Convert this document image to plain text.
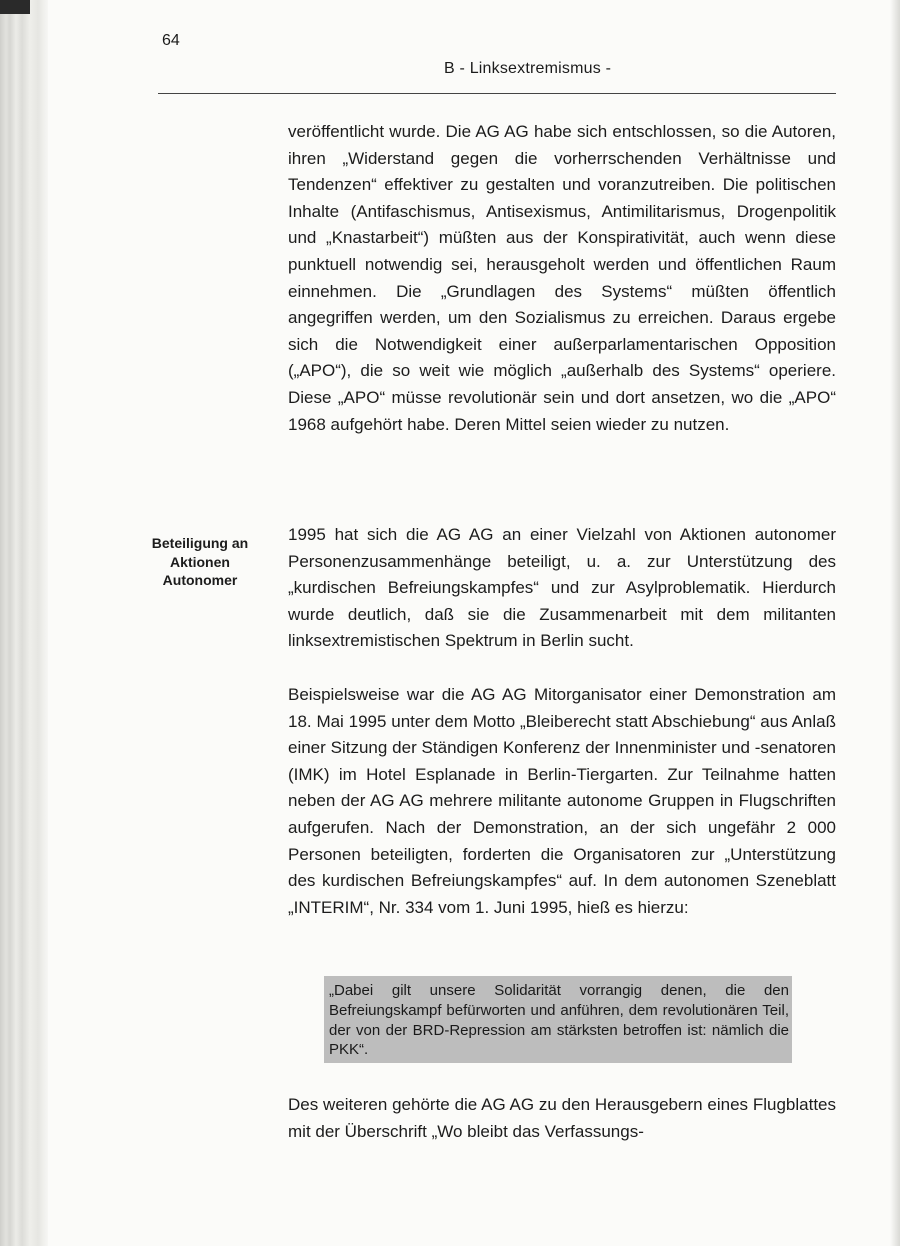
64
B - Linksextremismus -

veröffentlicht wurde. Die AG AG habe sich entschlossen, so die Autoren, ihren „Widerstand gegen die vorherrschenden Verhältnisse und Tendenzen“ effektiver zu gestalten und voranzutreiben. Die politischen Inhalte (Antifaschismus, Antisexismus, Antimilitarismus, Drogenpolitik und „Knastarbeit“) müßten aus der Konspirativität, auch wenn diese punktuell notwendig sei, herausgeholt werden und öffentlichen Raum einnehmen. Die „Grundlagen des Systems“ müßten öffentlich angegriffen werden, um den Sozialismus zu erreichen. Daraus ergebe sich die Notwendigkeit einer außerparlamentarischen Opposition („APO“), die so weit wie möglich „außerhalb des Systems“ operiere. Diese „APO“ müsse revolutionär sein und dort ansetzen, wo die „APO“ 1968 aufgehört habe. Deren Mittel seien wieder zu nutzen.

Beteiligung an Aktionen Autonomer

1995 hat sich die AG AG an einer Vielzahl von Aktionen autonomer Personenzusammenhänge beteiligt, u. a. zur Unterstützung des „kurdischen Befreiungskampfes“ und zur Asylproblematik. Hierdurch wurde deutlich, daß sie die Zusammenarbeit mit dem militanten linksextremistischen Spektrum in Berlin sucht.

Beispielsweise war die AG AG Mitorganisator einer Demonstration am 18. Mai 1995 unter dem Motto „Bleiberecht statt Abschiebung“ aus Anlaß einer Sitzung der Ständigen Konferenz der Innenminister und -senatoren (IMK) im Hotel Esplanade in Berlin-Tiergarten. Zur Teilnahme hatten neben der AG AG mehrere militante autonome Gruppen in Flugschriften aufgerufen. Nach der Demonstration, an der sich ungefähr 2 000 Personen beteiligten, forderten die Organisatoren zur „Unterstützung des kurdischen Befreiungskampfes“ auf. In dem autonomen Szeneblatt „INTERIM“, Nr. 334 vom 1. Juni 1995, hieß es hierzu:

„Dabei gilt unsere Solidarität vorrangig denen, die den Befreiungskampf befürworten und anführen, dem revolutionären Teil, der von der BRD-Repression am stärksten betroffen ist: nämlich die PKK“.

Des weiteren gehörte die AG AG zu den Herausgebern eines Flugblattes mit der Überschrift „Wo bleibt das Verfassungs-
